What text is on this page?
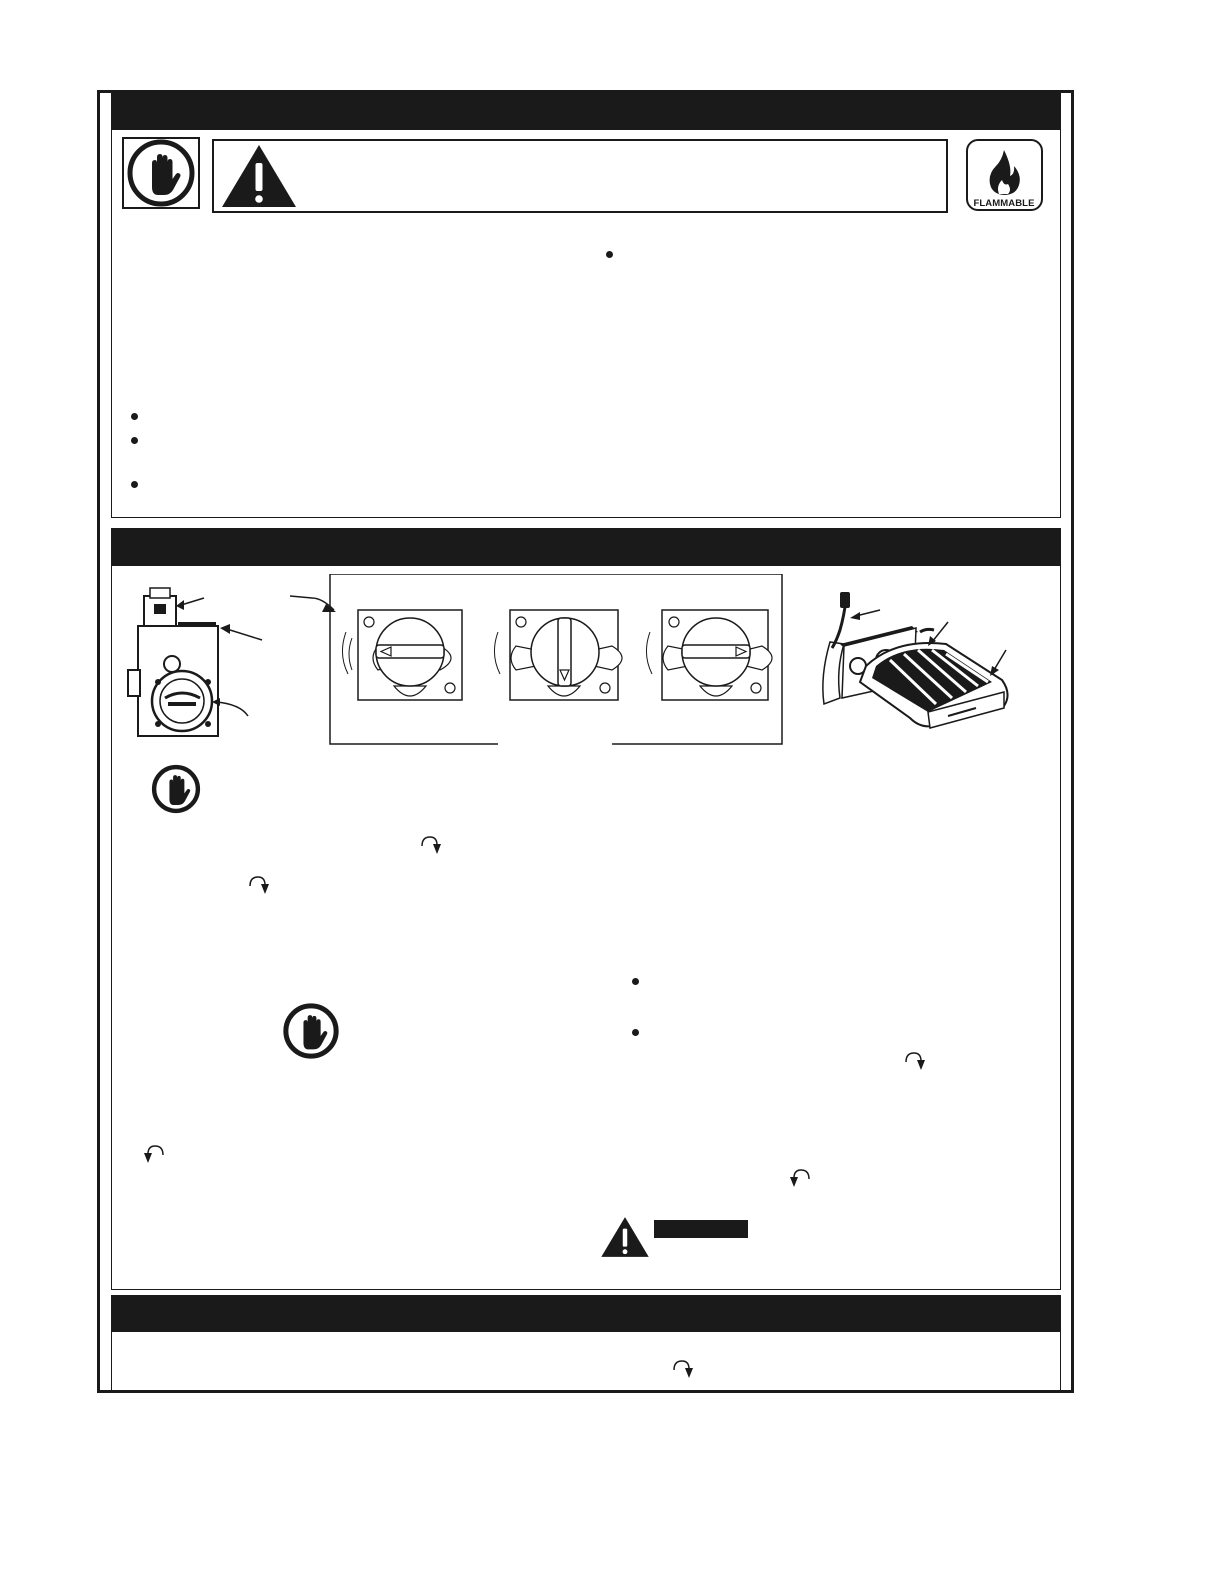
FLAMMABLE
